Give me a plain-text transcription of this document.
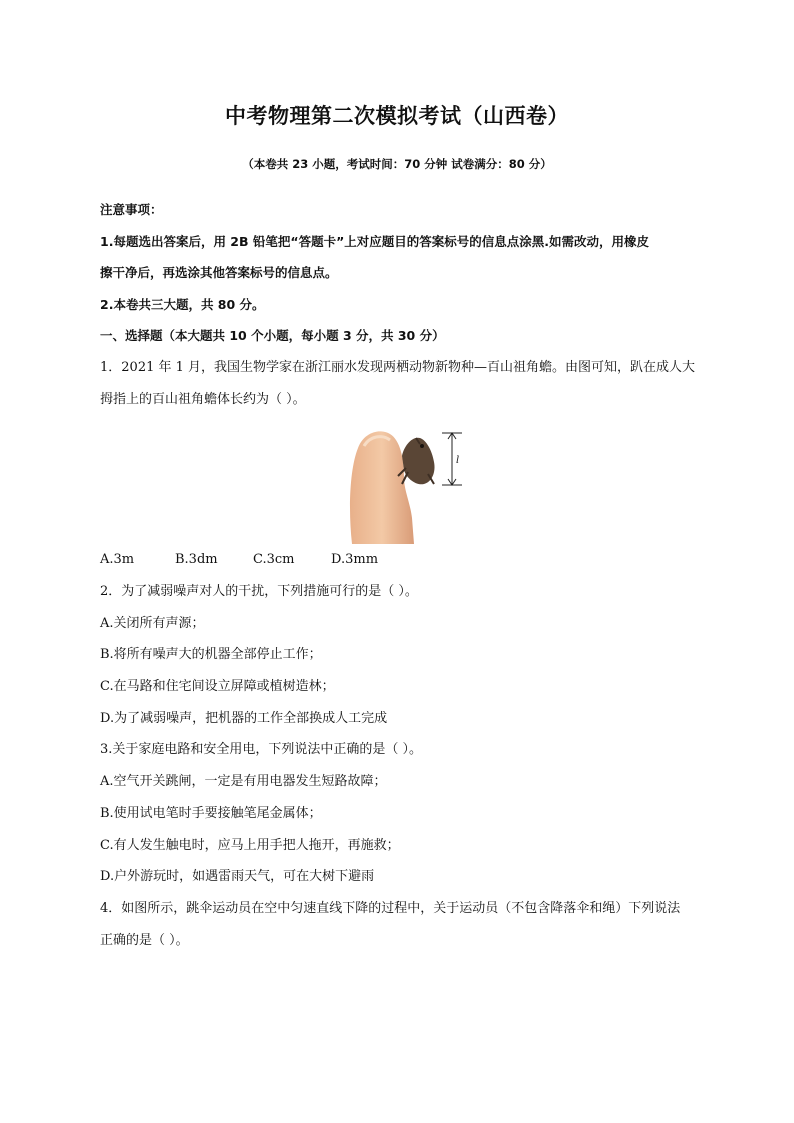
中考物理第二次模拟考试（山西卷）
（本卷共 23 小题，考试时间：70 分钟 试卷满分：80 分）
注意事项：
1.每题选出答案后，用 2B 铅笔把“答题卡”上对应题目的答案标号的信息点涂黑.如需改动，用橡皮
擦干净后，再选涂其他答案标号的信息点。
2.本卷共三大题，共 80 分。
一、选择题（本大题共 10 个小题，每小题 3 分，共 30 分）
1．2021 年 1 月，我国生物学家在浙江丽水发现两栖动物新物种—百山祖角蟾。由图可知，趴在成人大
拇指上的百山祖角蟾体长约为（ ）。
l
A.3m	B.3dm	C.3cm	D.3mm
2．为了减弱噪声对人的干扰，下列措施可行的是（ ）。
A.关闭所有声源；
B.将所有噪声大的机器全部停止工作；
C.在马路和住宅间设立屏障或植树造林；
D.为了减弱噪声，把机器的工作全部换成人工完成
3.关于家庭电路和安全用电，下列说法中正确的是（ ）。
A.空气开关跳闸，一定是有用电器发生短路故障；
B.使用试电笔时手要接触笔尾金属体；
C.有人发生触电时，应马上用手把人拖开，再施救；
D.户外游玩时，如遇雷雨天气，可在大树下避雨
4．如图所示，跳伞运动员在空中匀速直线下降的过程中，关于运动员（不包含降落伞和绳）下列说法
正确的是（ ）。
